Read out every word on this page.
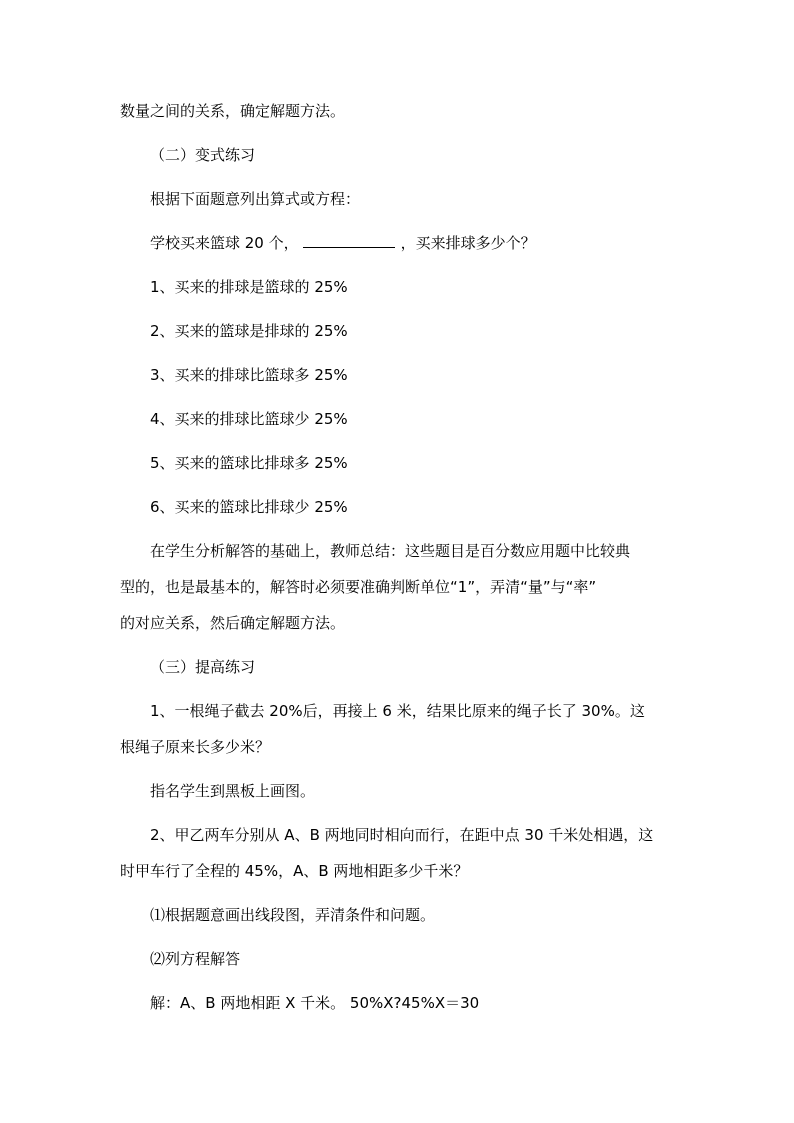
数量之间的关系，确定解题方法。
（二）变式练习
根据下面题意列出算式或方程：
学校买来篮球 20 个，	，买来排球多少个？
1、买来的排球是篮球的 25%
2、买来的篮球是排球的 25%
3、买来的排球比篮球多 25%
4、买来的排球比篮球少 25%
5、买来的篮球比排球多 25%
6、买来的篮球比排球少 25%
在学生分析解答的基础上，教师总结：这些题目是百分数应用题中比较典
型的，也是最基本的，解答时必须要准确判断单位“1”，弄清“量”与“率”
的对应关系，然后确定解题方法。
（三）提高练习
1、一根绳子截去 20%后，再接上 6 米，结果比原来的绳子长了 30%。这
根绳子原来长多少米？
指名学生到黑板上画图。
2、甲乙两车分别从 A、B 两地同时相向而行，在距中点 30 千米处相遇，这
时甲车行了全程的 45%，A、B 两地相距多少千米？
⑴根据题意画出线段图，弄清条件和问题。
⑵列方程解答
解：A、B 两地相距 X 千米。 50%X?45%X＝30
